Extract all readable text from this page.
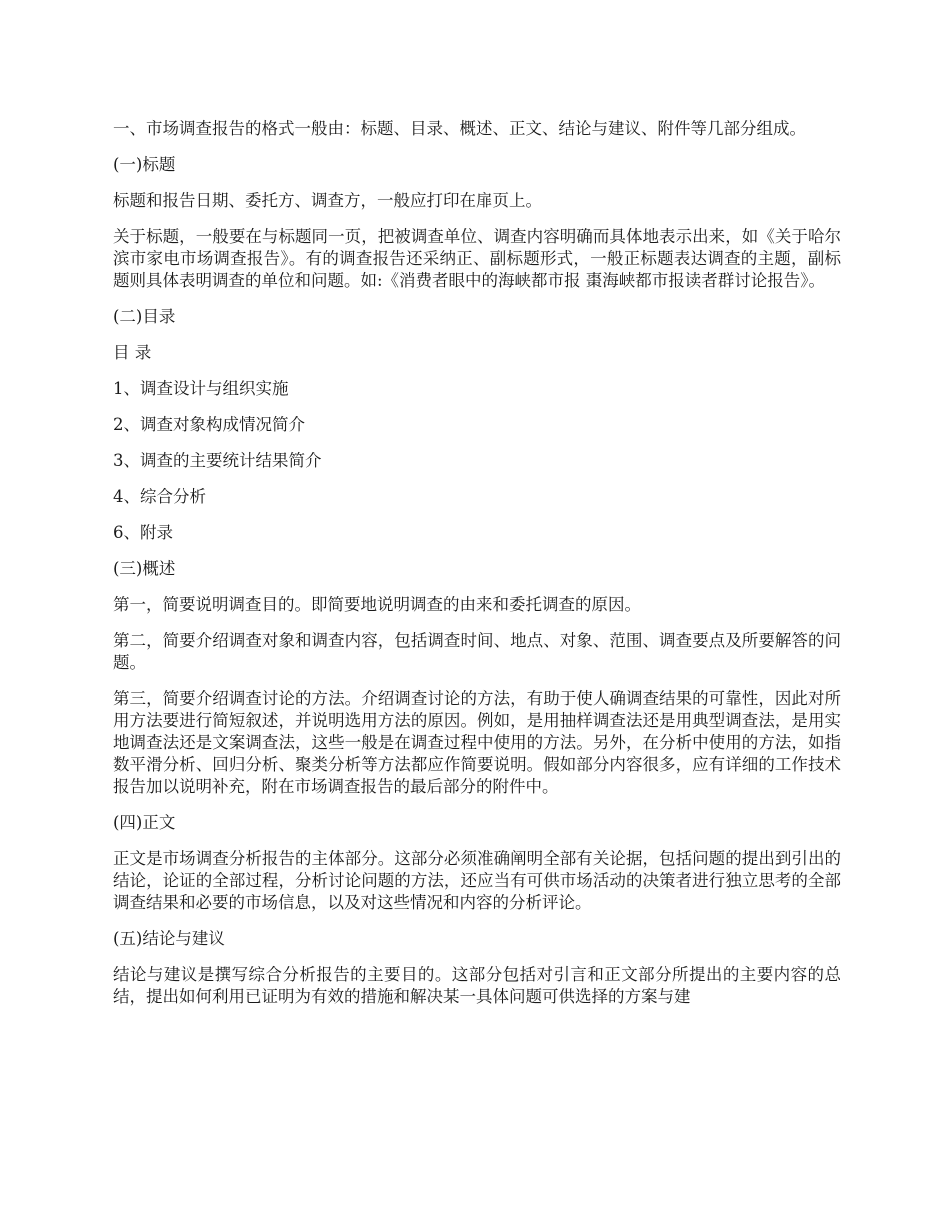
一、市场调查报告的格式一般由：标题、目录、概述、正文、结论与建议、附件等几部分组成。

(一)标题

标题和报告日期、委托方、调查方，一般应打印在扉页上。

关于标题，一般要在与标题同一页，把被调查单位、调查内容明确而具体地表示出来，如《关于哈尔滨市家电市场调查报告》。有的调查报告还采纳正、副标题形式，一般正标题表达调查的主题，副标题则具体表明调查的单位和问题。如:《消费者眼中的海峡都市报 棗海峡都市报读者群讨论报告》。

(二)目录

目 录

1、调查设计与组织实施

2、调查对象构成情况简介

3、调查的主要统计结果简介

4、综合分析

6、附录

(三)概述

第一，简要说明调查目的。即简要地说明调查的由来和委托调查的原因。

第二，简要介绍调查对象和调查内容，包括调查时间、地点、对象、范围、调查要点及所要解答的问题。

第三，简要介绍调查讨论的方法。介绍调查讨论的方法，有助于使人确调查结果的可靠性，因此对所用方法要进行简短叙述，并说明选用方法的原因。例如，是用抽样调查法还是用典型调查法，是用实地调查法还是文案调查法，这些一般是在调查过程中使用的方法。另外，在分析中使用的方法，如指数平滑分析、回归分析、聚类分析等方法都应作简要说明。假如部分内容很多，应有详细的工作技术报告加以说明补充，附在市场调查报告的最后部分的附件中。

(四)正文

正文是市场调查分析报告的主体部分。这部分必须准确阐明全部有关论据，包括问题的提出到引出的结论，论证的全部过程，分析讨论问题的方法，还应当有可供市场活动的决策者进行独立思考的全部调查结果和必要的市场信息，以及对这些情况和内容的分析评论。

(五)结论与建议

结论与建议是撰写综合分析报告的主要目的。这部分包括对引言和正文部分所提出的主要内容的总结，提出如何利用已证明为有效的措施和解决某一具体问题可供选择的方案与建
